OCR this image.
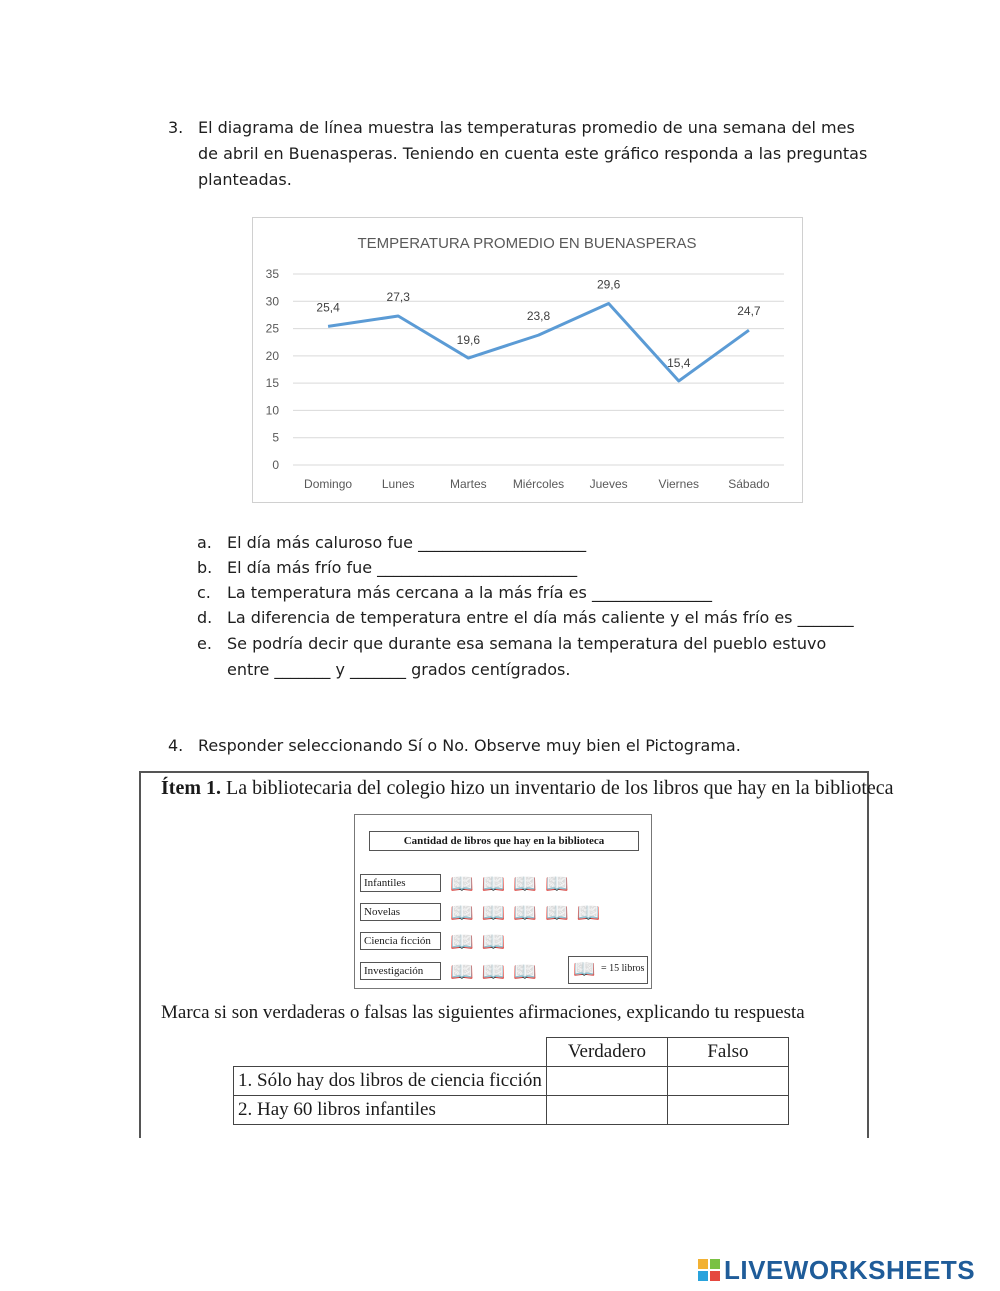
3. El diagrama de línea muestra las temperaturas promedio de una semana del mes de abril en Buenasperas. Teniendo en cuenta este gráfico responda a las preguntas planteadas.
TEMPERATURA PROMEDIO EN BUENASPERAS
0
5
10
15
20
25
30
35
Domingo Lunes	Martes Miércoles Jueves	Viernes Sábado
25,4
27,3
19,6
23,8
29,6
15,4
24,7
a. El día más caluroso fue _____________________
b. El día más frío fue _________________________
c. La temperatura más cercana a la más fría es _______________
d. La diferencia de temperatura entre el día más caliente y el más frío es _______
e. Se podría decir que durante esa semana la temperatura del pueblo estuvo
entre _______ y _______ grados centígrados.
4. Responder seleccionando Sí o No. Observe muy bien el Pictograma.
Ítem 1. La bibliotecaria del colegio hizo un inventario de los libros que hay en la biblioteca
Cantidad de libros que hay en la biblioteca
Infantiles	📖📖📖📖
Novelas	📖📖📖📖📖
Ciencia ficción	📖📖
Investigación	📖📖📖 📖 = 15 libros
Marca si son verdaderas o falsas las siguientes afirmaciones, explicando tu respuesta
	Verdadero	Falso
1. Sólo hay dos libros de ciencia ficción		
2. Hay 60 libros infantiles		
LIVEWORKSHEETS
